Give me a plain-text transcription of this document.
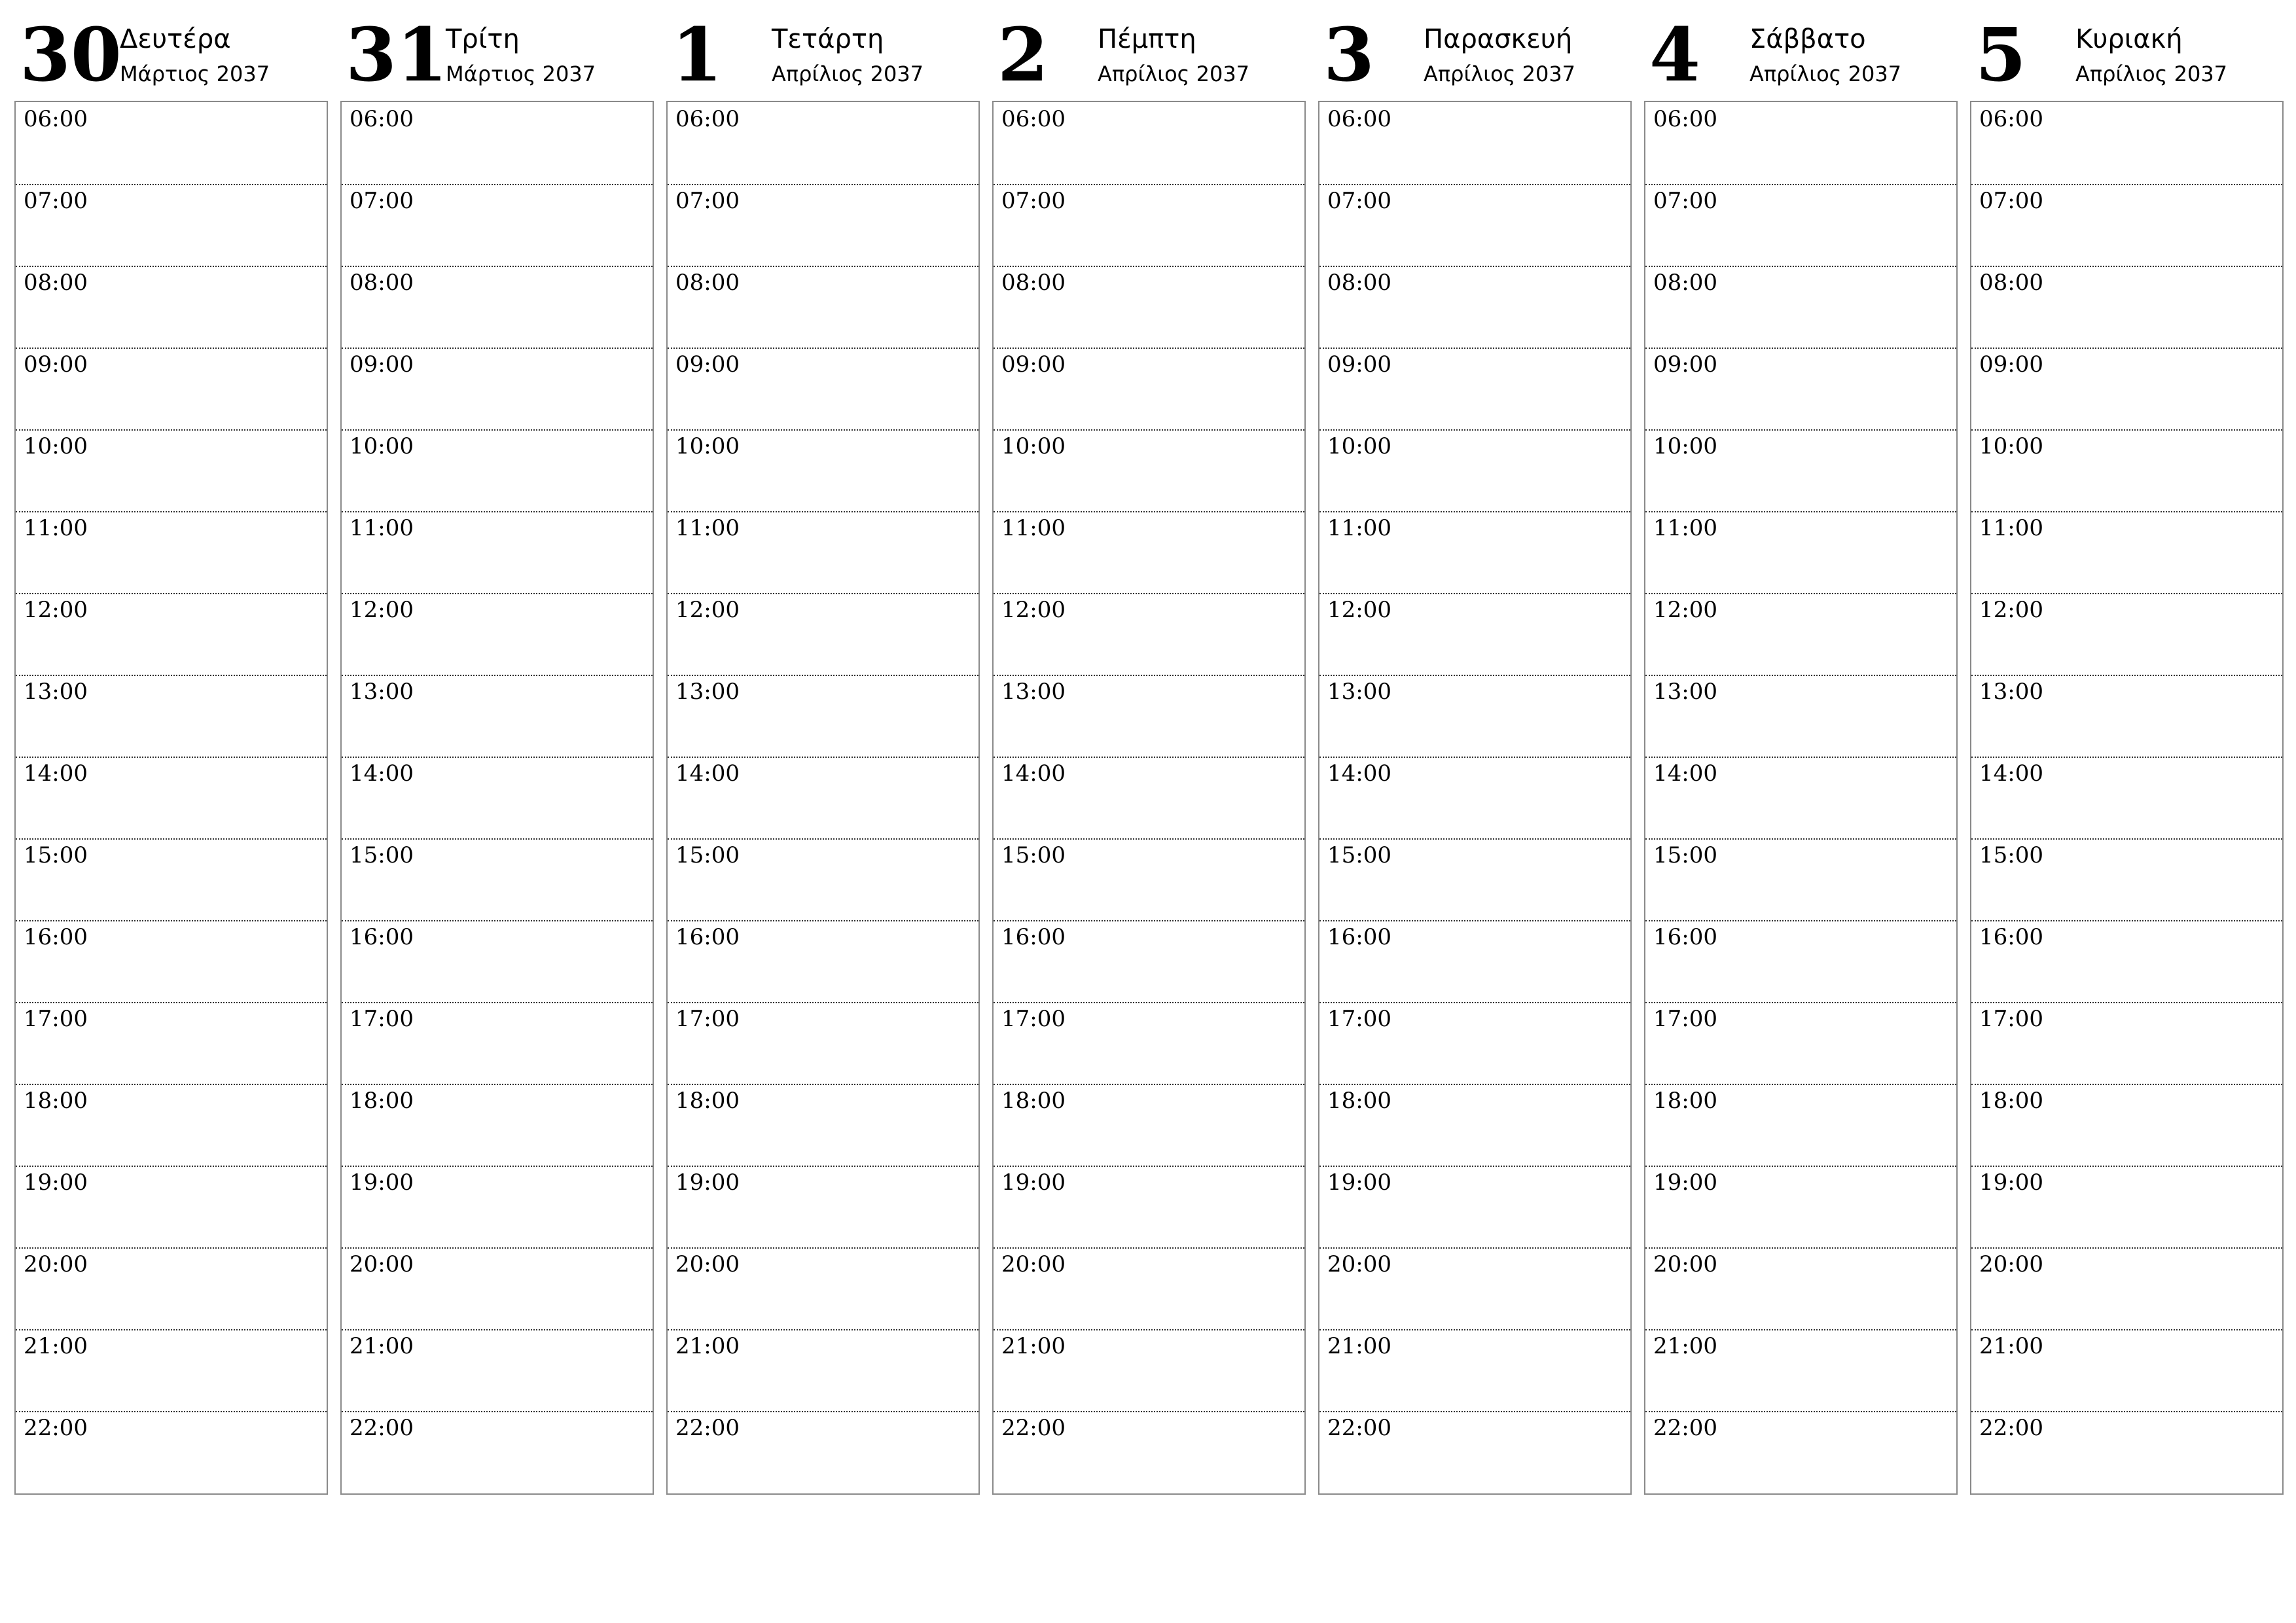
30
Δευτέρα
Μάρτιος 2037
06:00
07:00
08:00
09:00
10:00
11:00
12:00
13:00
14:00
15:00
16:00
17:00
18:00
19:00
20:00
21:00
22:00
31
Τρίτη
Μάρτιος 2037
06:00
07:00
08:00
09:00
10:00
11:00
12:00
13:00
14:00
15:00
16:00
17:00
18:00
19:00
20:00
21:00
22:00
1 Τετάρτη
Απρίλιος 2037
06:00
07:00
08:00
09:00
10:00
11:00
12:00
13:00
14:00
15:00
16:00
17:00
18:00
19:00
20:00
21:00
22:00
2 Πέμπτη
Απρίλιος 2037
06:00
07:00
08:00
09:00
10:00
11:00
12:00
13:00
14:00
15:00
16:00
17:00
18:00
19:00
20:00
21:00
22:00
3 Παρασκευή
Απρίλιος 2037
06:00
07:00
08:00
09:00
10:00
11:00
12:00
13:00
14:00
15:00
16:00
17:00
18:00
19:00
20:00
21:00
22:00
4 Σάββατο
Απρίλιος 2037
06:00
07:00
08:00
09:00
10:00
11:00
12:00
13:00
14:00
15:00
16:00
17:00
18:00
19:00
20:00
21:00
22:00
5 Κυριακή
Απρίλιος 2037
06:00
07:00
08:00
09:00
10:00
11:00
12:00
13:00
14:00
15:00
16:00
17:00
18:00
19:00
20:00
21:00
22:00
